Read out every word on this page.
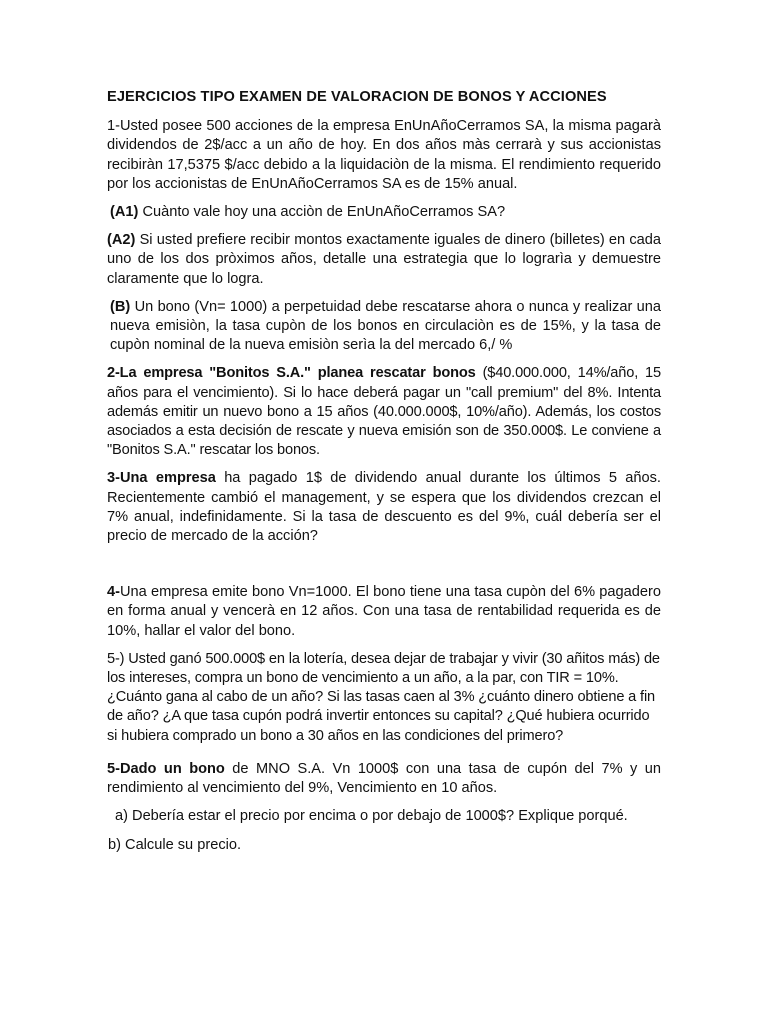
EJERCICIOS TIPO EXAMEN DE VALORACION DE BONOS Y ACCIONES

1-Usted posee 500 acciones de la empresa EnUnAñoCerramos SA, la misma pagarà dividendos de 2$/acc a un año de hoy. En dos años màs cerrarà y sus accionistas recibiràn 17,5375 $/acc debido a la liquidaciòn de la misma. El rendimiento requerido por los accionistas de EnUnAñoCerramos SA es de 15% anual.

(A1) Cuànto vale hoy una acciòn de EnUnAñoCerramos SA?

(A2) Si usted prefiere recibir montos exactamente iguales de dinero (billetes) en cada uno de los dos pròximos años, detalle una estrategia que lo lograrìa y demuestre claramente que lo logra.

(B) Un bono (Vn= 1000) a perpetuidad debe rescatarse ahora o nunca y realizar una nueva emisiòn, la tasa cupòn de los bonos en circulaciòn es de 15%, y la tasa de cupòn nominal de la nueva emisiòn serìa la del mercado 6,/ %

2-La empresa "Bonitos S.A." planea rescatar bonos ($40.000.000, 14%/año, 15 años para el vencimiento). Si lo hace deberá pagar un "call premium" del 8%. Intenta además emitir un nuevo bono a 15 años (40.000.000$, 10%/año). Además, los costos asociados a esta decisión de rescate y nueva emisión son de 350.000$. Le conviene a "Bonitos S.A." rescatar los bonos.

3-Una empresa ha pagado 1$ de dividendo anual durante los últimos 5 años. Recientemente cambió el management, y se espera que los dividendos crezcan el 7% anual, indefinidamente. Si la tasa de descuento es del 9%, cuál debería ser el precio de mercado de la acción?

4-Una empresa emite bono Vn=1000. El bono tiene una tasa cupòn del 6% pagadero en forma anual y vencerà en 12 años. Con una tasa de rentabilidad requerida es de 10%, hallar el valor del bono.

5-) Usted ganó 500.000$ en la lotería, desea dejar de trabajar y vivir (30 añitos más) de los intereses, compra un bono de vencimiento a un año, a la par, con TIR = 10%. ¿Cuánto gana al cabo de un año? Si las tasas caen al 3% ¿cuánto dinero obtiene a fin de año? ¿A que tasa cupón podrá invertir entonces su capital? ¿Qué hubiera ocurrido si hubiera comprado un bono a 30 años en las condiciones del primero?

5-Dado un bono de MNO S.A. Vn 1000$ con una tasa de cupón del 7% y un rendimiento al vencimiento del 9%, Vencimiento en 10 años.

a) Debería estar el precio por encima o por debajo de 1000$? Explique porqué.

b) Calcule su precio.
